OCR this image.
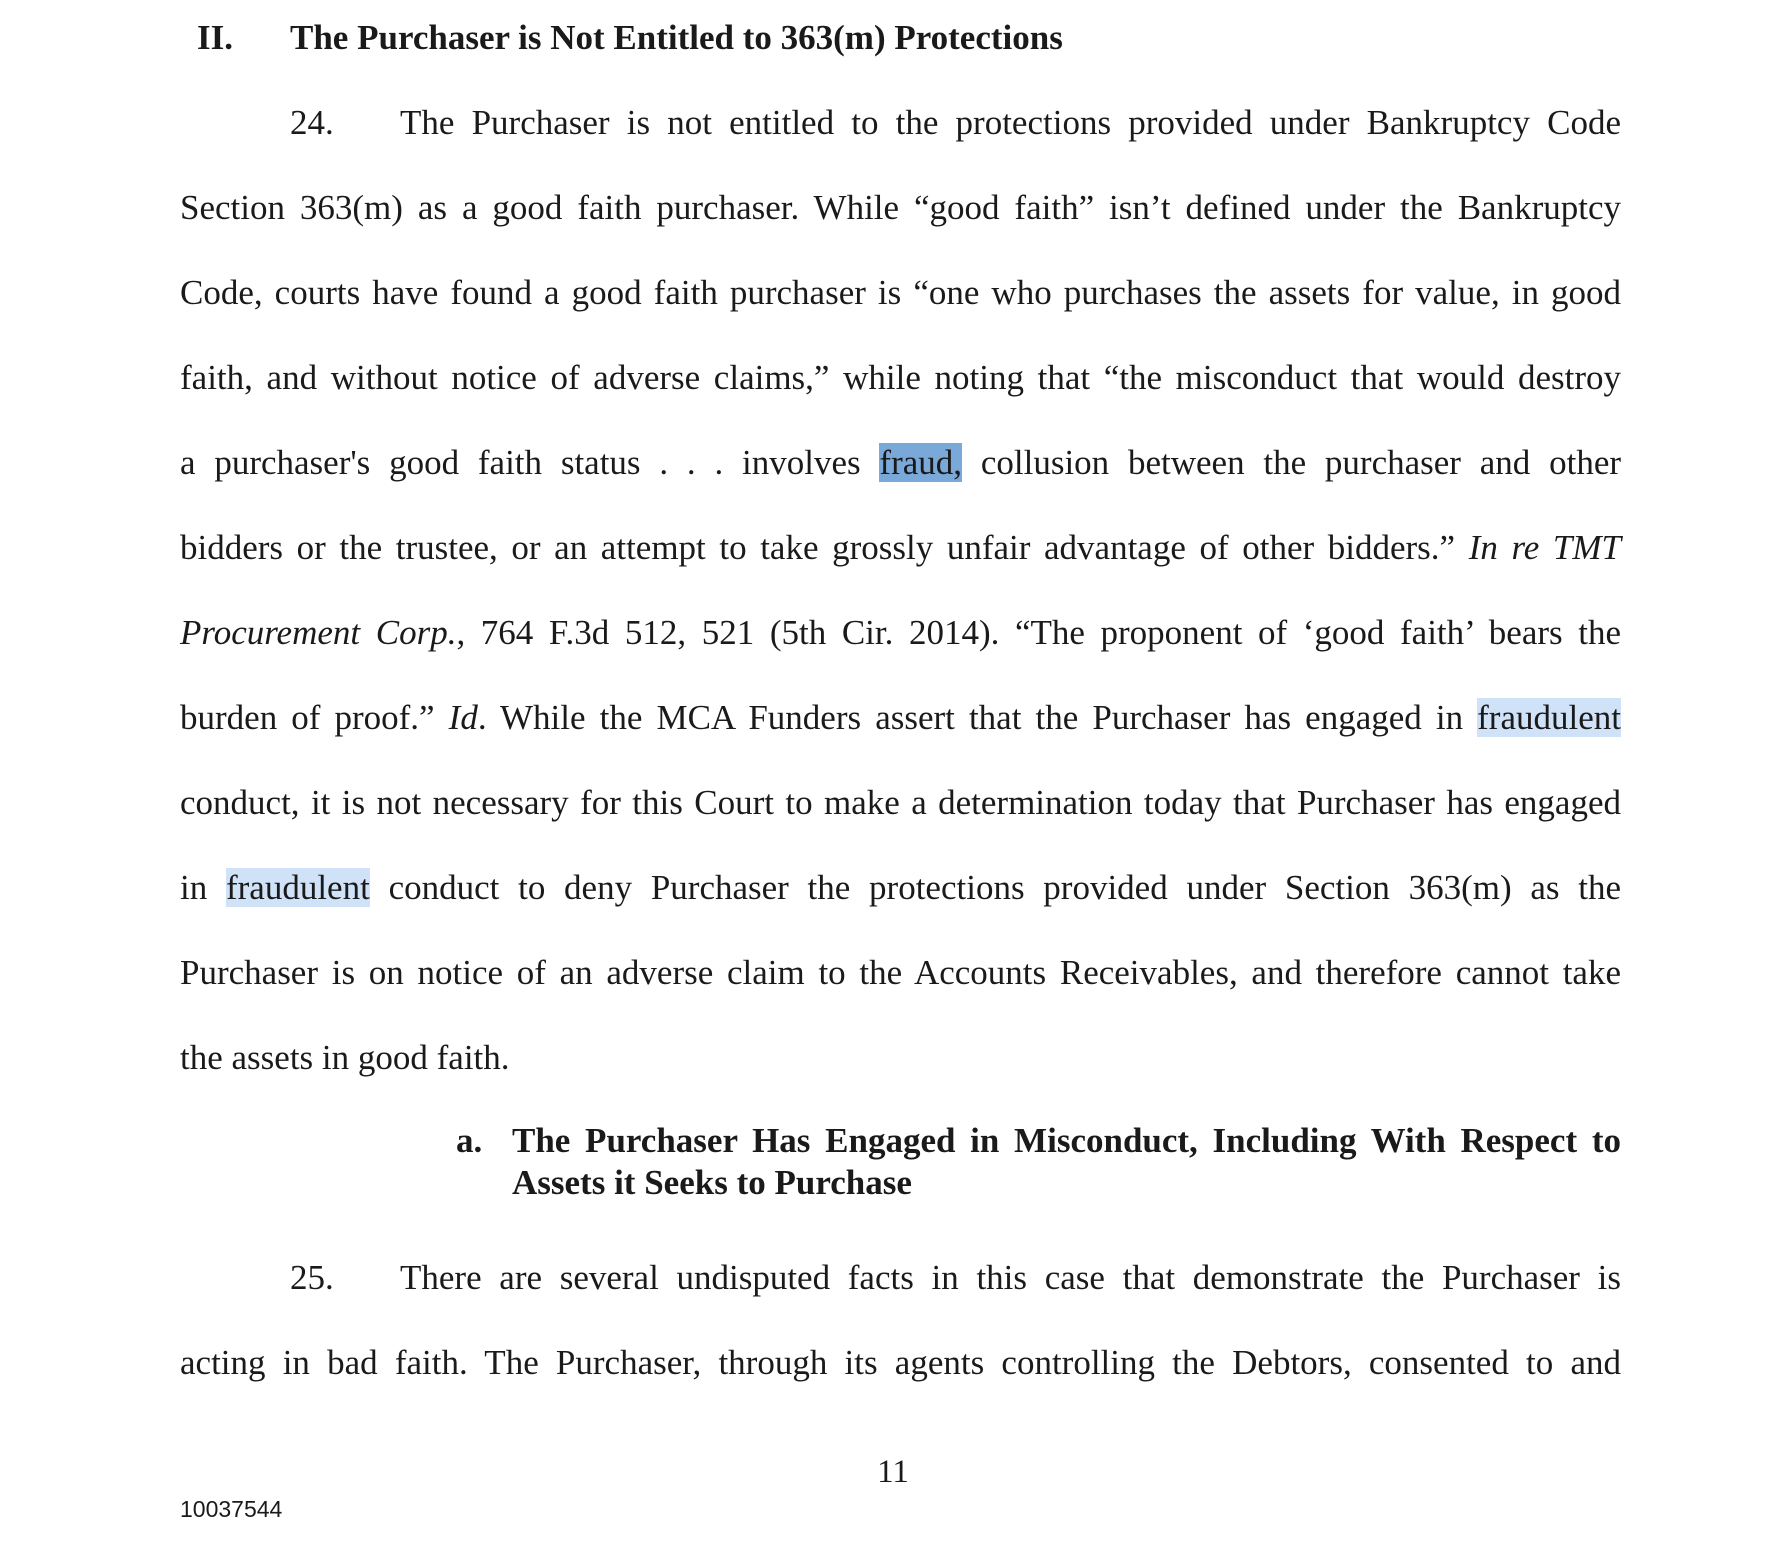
II. The Purchaser is Not Entitled to 363(m) Protections
24. The Purchaser is not entitled to the protections provided under Bankruptcy Code
Section 363(m) as a good faith purchaser. While “good faith” isn’t defined under the Bankruptcy
Code, courts have found a good faith purchaser is “one who purchases the assets for value, in good
faith, and without notice of adverse claims,” while noting that “the misconduct that would destroy
a purchaser's good faith status . . . involves fraud, collusion between the purchaser and other
bidders or the trustee, or an attempt to take grossly unfair advantage of other bidders.” In re TMT
Procurement Corp., 764 F.3d 512, 521 (5th Cir. 2014). “The proponent of ‘good faith’ bears the
burden of proof.” Id. While the MCA Funders assert that the Purchaser has engaged in fraudulent
conduct, it is not necessary for this Court to make a determination today that Purchaser has engaged
in fraudulent conduct to deny Purchaser the protections provided under Section 363(m) as the
Purchaser is on notice of an adverse claim to the Accounts Receivables, and therefore cannot take
the assets in good faith.
a. The Purchaser Has Engaged in Misconduct, Including With Respect to Assets it Seeks to Purchase
25. There are several undisputed facts in this case that demonstrate the Purchaser is
acting in bad faith. The Purchaser, through its agents controlling the Debtors, consented to and
11
10037544
